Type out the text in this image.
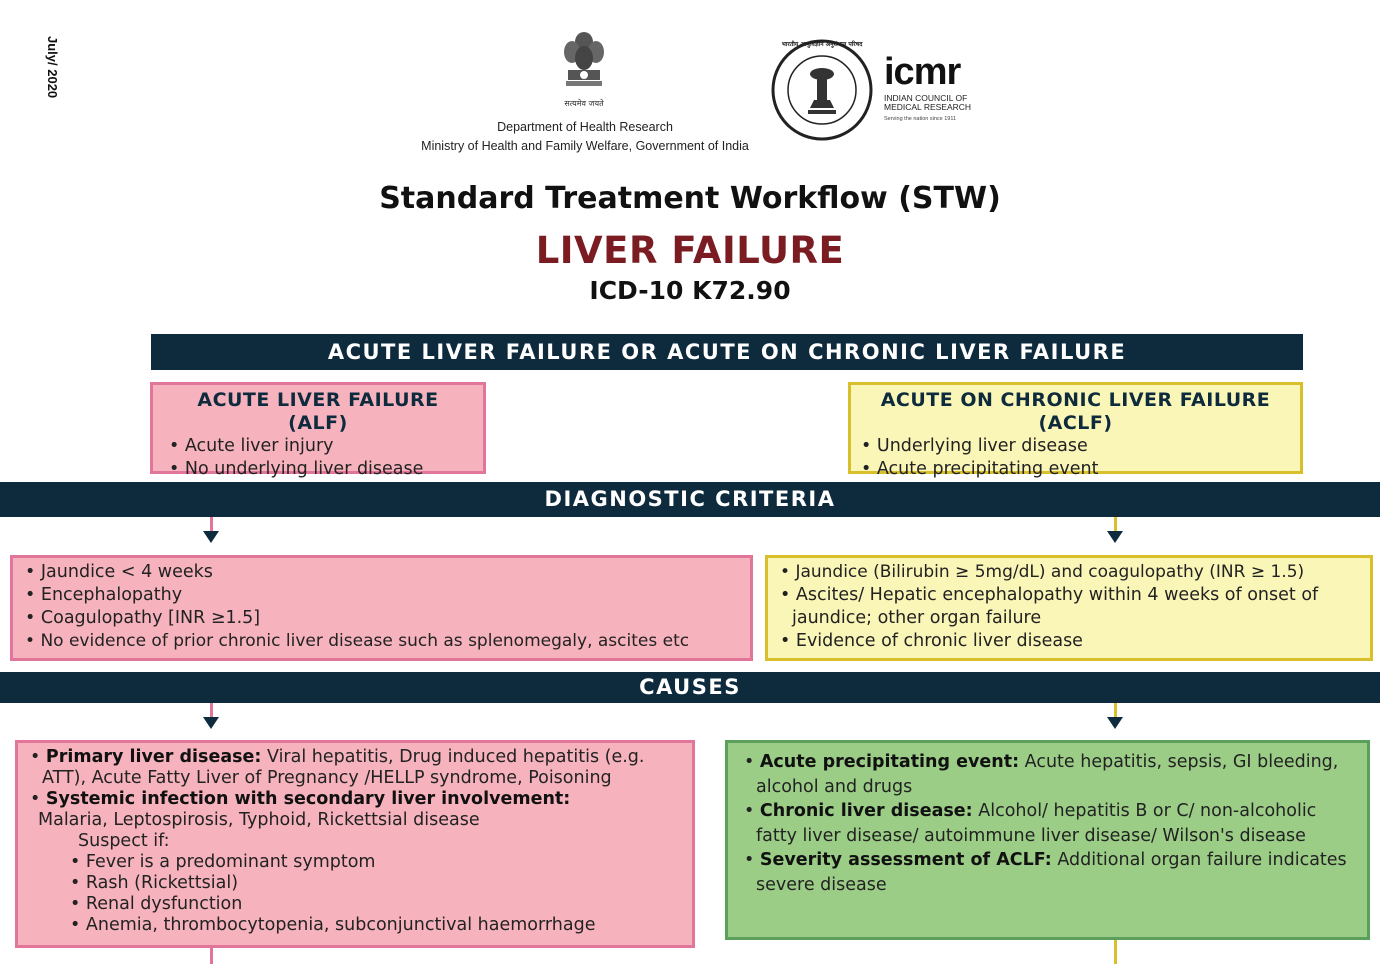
July/ 2020
सत्यमेव जयते
Department of Health Research
Ministry of Health and Family Welfare, Government of India
भारतीय आयुर्विज्ञान अनुसंधान परिषद
icmr
INDIAN COUNCIL OF MEDICAL RESEARCH
Serving the nation since 1911
Standard Treatment Workflow (STW)
LIVER FAILURE
ICD-10 K72.90
ACUTE LIVER FAILURE OR ACUTE ON CHRONIC LIVER FAILURE
ACUTE LIVER FAILURE (ALF)
• Acute liver injury
• No underlying liver disease
ACUTE ON CHRONIC LIVER FAILURE (ACLF)
• Underlying liver disease
• Acute precipitating event
DIAGNOSTIC CRITERIA
• Jaundice < 4 weeks
• Encephalopathy
• Coagulopathy [INR ≥1.5]
• No evidence of prior chronic liver disease such as splenomegaly, ascites etc
• Jaundice (Bilirubin ≥ 5mg/dL) and coagulopathy (INR ≥ 1.5)
• Ascites/ Hepatic encephalopathy within 4 weeks of onset of jaundice; other organ failure
• Evidence of chronic liver disease
CAUSES
• Primary liver disease: Viral hepatitis, Drug induced hepatitis (e.g. ATT), Acute Fatty Liver of Pregnancy /HELLP syndrome, Poisoning
• Systemic infection with secondary liver involvement:
Malaria, Leptospirosis, Typhoid, Rickettsial disease
Suspect if:
• Fever is a predominant symptom
• Rash (Rickettsial)
• Renal dysfunction
• Anemia, thrombocytopenia, subconjunctival haemorrhage
• Acute precipitating event: Acute hepatitis, sepsis, GI bleeding, alcohol and drugs
• Chronic liver disease: Alcohol/ hepatitis B or C/ non-alcoholic fatty liver disease/ autoimmune liver disease/ Wilson's disease
• Severity assessment of ACLF: Additional organ failure indicates severe disease
